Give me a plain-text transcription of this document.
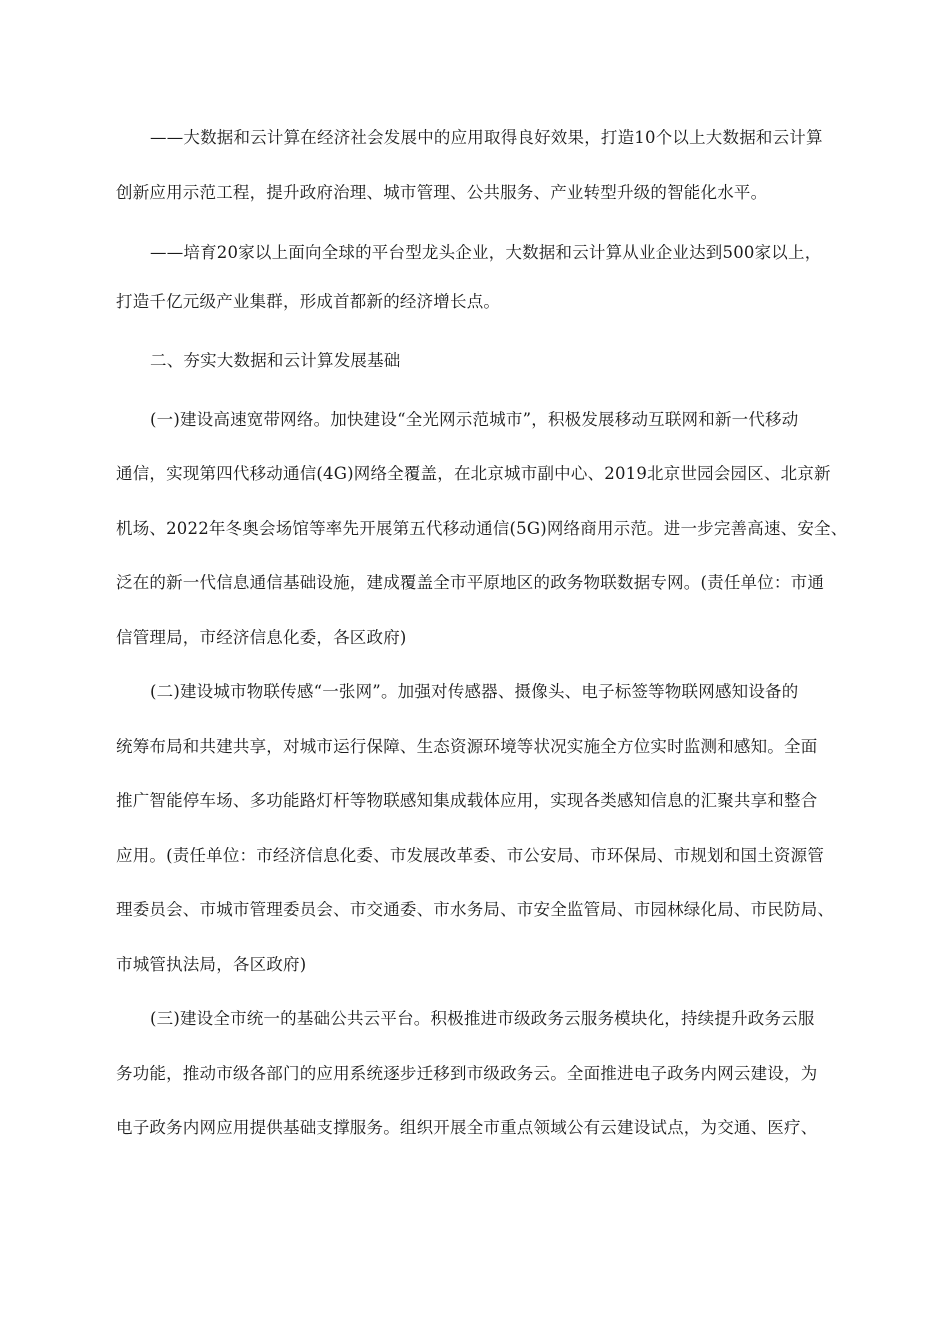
——大数据和云计算在经济社会发展中的应用取得良好效果，打造10个以上大数据和云计算
创新应用示范工程，提升政府治理、城市管理、公共服务、产业转型升级的智能化水平。
——培育20家以上面向全球的平台型龙头企业，大数据和云计算从业企业达到500家以上，
打造千亿元级产业集群，形成首都新的经济增长点。
二、夯实大数据和云计算发展基础
(一)建设高速宽带网络。加快建设“全光网示范城市”，积极发展移动互联网和新一代移动
通信，实现第四代移动通信(4G)网络全覆盖，在北京城市副中心、2019北京世园会园区、北京新
机场、2022年冬奥会场馆等率先开展第五代移动通信(5G)网络商用示范。进一步完善高速、安全、
泛在的新一代信息通信基础设施，建成覆盖全市平原地区的政务物联数据专网。(责任单位：市通
信管理局，市经济信息化委，各区政府)
(二)建设城市物联传感“一张网”。加强对传感器、摄像头、电子标签等物联网感知设备的
统筹布局和共建共享，对城市运行保障、生态资源环境等状况实施全方位实时监测和感知。全面
推广智能停车场、多功能路灯杆等物联感知集成载体应用，实现各类感知信息的汇聚共享和整合
应用。(责任单位：市经济信息化委、市发展改革委、市公安局、市环保局、市规划和国土资源管
理委员会、市城市管理委员会、市交通委、市水务局、市安全监管局、市园林绿化局、市民防局、
市城管执法局，各区政府)
(三)建设全市统一的基础公共云平台。积极推进市级政务云服务模块化，持续提升政务云服
务功能，推动市级各部门的应用系统逐步迁移到市级政务云。全面推进电子政务内网云建设，为
电子政务内网应用提供基础支撑服务。组织开展全市重点领域公有云建设试点，为交通、医疗、
